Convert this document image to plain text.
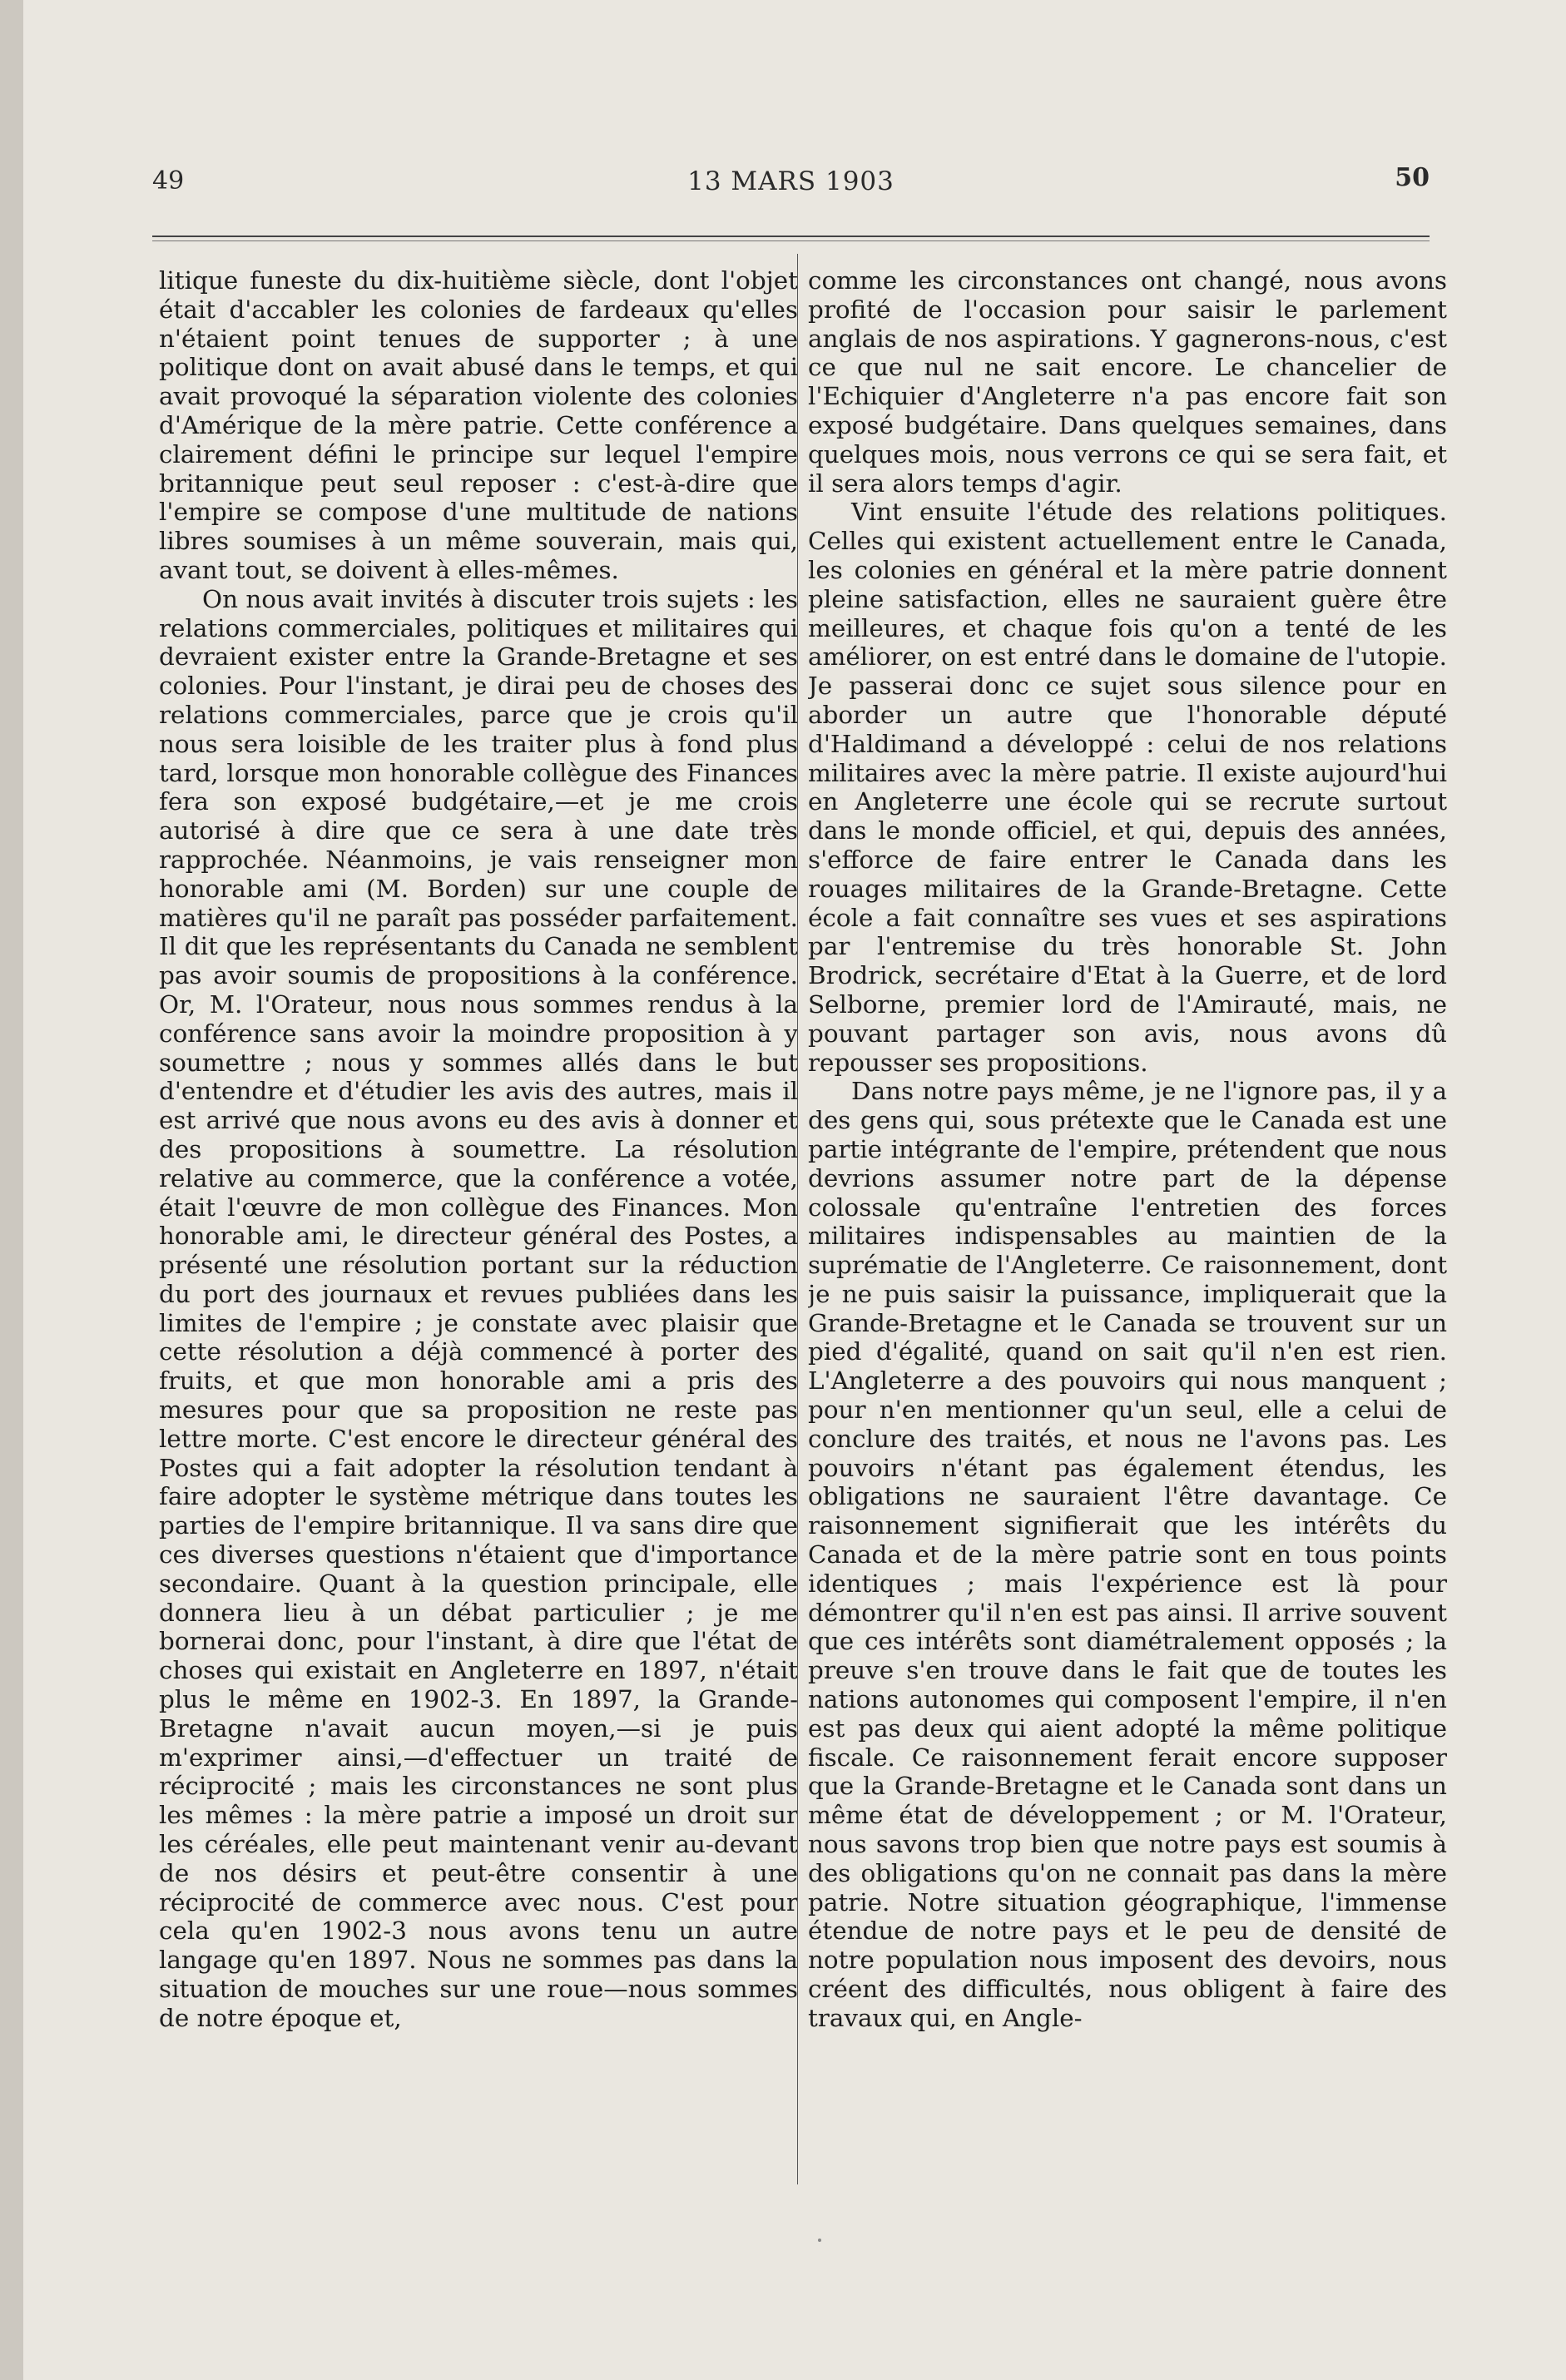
49	13 MARS 1903	50

litique funeste du dix-huitième siècle, dont l'objet était d'accabler les colonies de fardeaux qu'elles n'étaient point tenues de supporter ; à une politique dont on avait abusé dans le temps, et qui avait provoqué la séparation violente des colonies d'Amérique de la mère patrie. Cette conférence a clairement défini le principe sur lequel l'empire britannique peut seul reposer : c'est-à-dire que l'empire se compose d'une multitude de nations libres soumises à un même souverain, mais qui, avant tout, se doivent à elles-mêmes.

On nous avait invités à discuter trois sujets : les relations commerciales, politiques et militaires qui devraient exister entre la Grande-Bretagne et ses colonies. Pour l'instant, je dirai peu de choses des relations commerciales, parce que je crois qu'il nous sera loisible de les traiter plus à fond plus tard, lorsque mon honorable collègue des Finances fera son exposé budgétaire,—et je me crois autorisé à dire que ce sera à une date très rapprochée. Néanmoins, je vais renseigner mon honorable ami (M. Borden) sur une couple de matières qu'il ne paraît pas posséder parfaitement. Il dit que les représentants du Canada ne semblent pas avoir soumis de propositions à la conférence. Or, M. l'Orateur, nous nous sommes rendus à la conférence sans avoir la moindre proposition à y soumettre ; nous y sommes allés dans le but d'entendre et d'étudier les avis des autres, mais il est arrivé que nous avons eu des avis à donner et des propositions à soumettre. La résolution relative au commerce, que la conférence a votée, était l'œuvre de mon collègue des Finances. Mon honorable ami, le directeur général des Postes, a présenté une résolution portant sur la réduction du port des journaux et revues publiées dans les limites de l'empire ; je constate avec plaisir que cette résolution a déjà commencé à porter des fruits, et que mon honorable ami a pris des mesures pour que sa proposition ne reste pas lettre morte. C'est encore le directeur général des Postes qui a fait adopter la résolution tendant à faire adopter le système métrique dans toutes les parties de l'empire britannique. Il va sans dire que ces diverses questions n'étaient que d'importance secondaire. Quant à la question principale, elle donnera lieu à un débat particulier ; je me bornerai donc, pour l'instant, à dire que l'état de choses qui existait en Angleterre en 1897, n'était plus le même en 1902-3. En 1897, la Grande-Bretagne n'avait aucun moyen,—si je puis m'exprimer ainsi,—d'effectuer un traité de réciprocité ; mais les circonstances ne sont plus les mêmes : la mère patrie a imposé un droit sur les céréales, elle peut maintenant venir au-devant de nos désirs et peut-être consentir à une réciprocité de commerce avec nous. C'est pour cela qu'en 1902-3 nous avons tenu un autre langage qu'en 1897. Nous ne sommes pas dans la situation de mouches sur une roue—nous sommes de notre époque et,

comme les circonstances ont changé, nous avons profité de l'occasion pour saisir le parlement anglais de nos aspirations. Y gagnerons-nous, c'est ce que nul ne sait encore. Le chancelier de l'Echiquier d'Angleterre n'a pas encore fait son exposé budgétaire. Dans quelques semaines, dans quelques mois, nous verrons ce qui se sera fait, et il sera alors temps d'agir.

Vint ensuite l'étude des relations politiques. Celles qui existent actuellement entre le Canada, les colonies en général et la mère patrie donnent pleine satisfaction, elles ne sauraient guère être meilleures, et chaque fois qu'on a tenté de les améliorer, on est entré dans le domaine de l'utopie. Je passerai donc ce sujet sous silence pour en aborder un autre que l'honorable député d'Haldimand a développé : celui de nos relations militaires avec la mère patrie. Il existe aujourd'hui en Angleterre une école qui se recrute surtout dans le monde officiel, et qui, depuis des années, s'efforce de faire entrer le Canada dans les rouages militaires de la Grande-Bretagne. Cette école a fait connaître ses vues et ses aspirations par l'entremise du très honorable St. John Brodrick, secrétaire d'Etat à la Guerre, et de lord Selborne, premier lord de l'Amirauté, mais, ne pouvant partager son avis, nous avons dû repousser ses propositions.

Dans notre pays même, je ne l'ignore pas, il y a des gens qui, sous prétexte que le Canada est une partie intégrante de l'empire, prétendent que nous devrions assumer notre part de la dépense colossale qu'entraîne l'entretien des forces militaires indispensables au maintien de la suprématie de l'Angleterre. Ce raisonnement, dont je ne puis saisir la puissance, impliquerait que la Grande-Bretagne et le Canada se trouvent sur un pied d'égalité, quand on sait qu'il n'en est rien. L'Angleterre a des pouvoirs qui nous manquent ; pour n'en mentionner qu'un seul, elle a celui de conclure des traités, et nous ne l'avons pas. Les pouvoirs n'étant pas également étendus, les obligations ne sauraient l'être davantage. Ce raisonnement signifierait que les intérêts du Canada et de la mère patrie sont en tous points identiques ; mais l'expérience est là pour démontrer qu'il n'en est pas ainsi. Il arrive souvent que ces intérêts sont diamétralement opposés ; la preuve s'en trouve dans le fait que de toutes les nations autonomes qui composent l'empire, il n'en est pas deux qui aient adopté la même politique fiscale. Ce raisonnement ferait encore supposer que la Grande-Bretagne et le Canada sont dans un même état de développement ; or M. l'Orateur, nous savons trop bien que notre pays est soumis à des obligations qu'on ne connait pas dans la mère patrie. Notre situation géographique, l'immense étendue de notre pays et le peu de densité de notre population nous imposent des devoirs, nous créent des difficultés, nous obligent à faire des travaux qui, en Angle-
